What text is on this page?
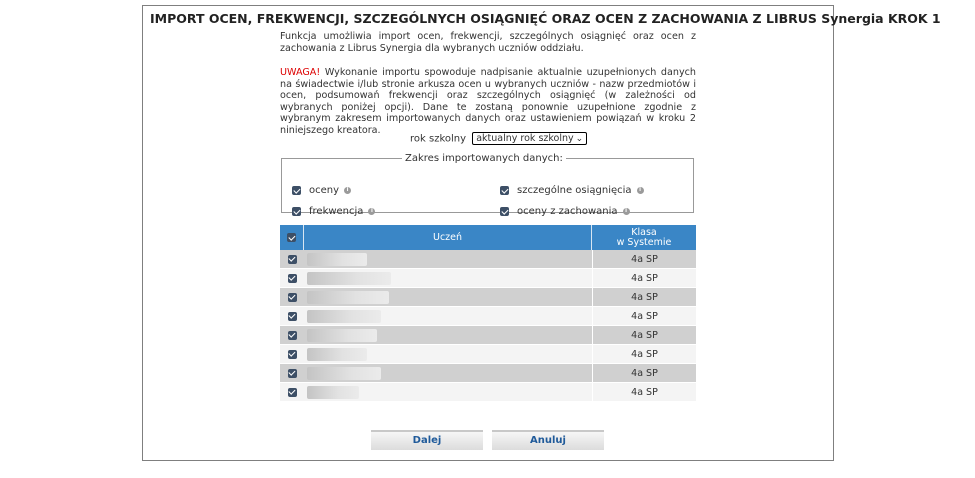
IMPORT OCEN, FREKWENCJI, SZCZEGÓLNYCH OSIĄGNIĘĆ ORAZ OCEN Z ZACHOWANIA Z LIBRUS Synergia KROK 1

Funkcja umożliwia import ocen, frekwencji, szczególnych osiągnięć oraz ocen z zachowania z Librus Synergia dla wybranych uczniów oddziału.

UWAGA! Wykonanie importu spowoduje nadpisanie aktualnie uzupełnionych danych na świadectwie i/lub stronie arkusza ocen u wybranych uczniów - nazw przedmiotów i ocen, podsumowań frekwencji oraz szczególnych osiągnięć (w zależności od wybranych poniżej opcji). Dane te zostaną ponownie uzupełnione zgodnie z wybranym zakresem importowanych danych oraz ustawieniem powiązań w kroku 2 niniejszego kreatora.

rok szkolny aktualny rok szkolny ⌄
Zakres importowanych danych:
oceny	i	szczególne osiągnięcia	i
frekwencja	i	oceny z zachowania	i
	Uczeń	Klasa
w Systemie

	4a SP

	4a SP

	4a SP

	4a SP

	4a SP

	4a SP

	4a SP

	4a SP
Dalej	Anuluj
